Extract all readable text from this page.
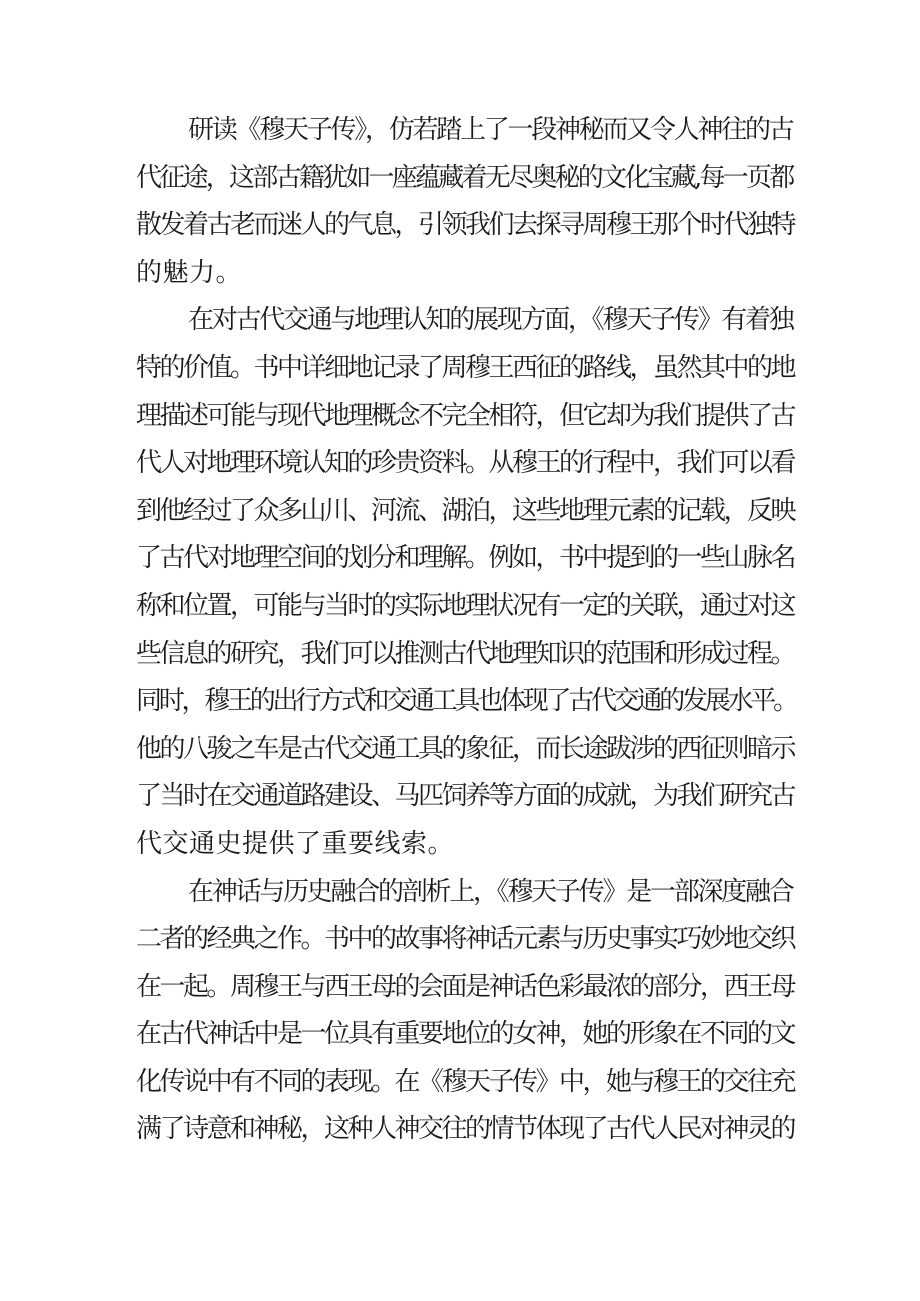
研读《穆天子传》，仿若踏上了一段神秘而又令人神往的古
代征途，这部古籍犹如一座蕴藏着无尽奥秘的文化宝藏,每一页都
散发着古老而迷人的气息，引领我们去探寻周穆王那个时代独特
的魅力。
在对古代交通与地理认知的展现方面，《穆天子传》有着独
特的价值。书中详细地记录了周穆王西征的路线，虽然其中的地
理描述可能与现代地理概念不完全相符，但它却为我们提供了古
代人对地理环境认知的珍贵资料。从穆王的行程中，我们可以看
到他经过了众多山川、河流、湖泊，这些地理元素的记载，反映
了古代对地理空间的划分和理解。例如，书中提到的一些山脉名
称和位置，可能与当时的实际地理状况有一定的关联，通过对这
些信息的研究，我们可以推测古代地理知识的范围和形成过程。
同时，穆王的出行方式和交通工具也体现了古代交通的发展水平。
他的八骏之车是古代交通工具的象征，而长途跋涉的西征则暗示
了当时在交通道路建设、马匹饲养等方面的成就，为我们研究古
代交通史提供了重要线索。
在神话与历史融合的剖析上，《穆天子传》是一部深度融合
二者的经典之作。书中的故事将神话元素与历史事实巧妙地交织
在一起。周穆王与西王母的会面是神话色彩最浓的部分，西王母
在古代神话中是一位具有重要地位的女神，她的形象在不同的文
化传说中有不同的表现。在《穆天子传》中，她与穆王的交往充
满了诗意和神秘，这种人神交往的情节体现了古代人民对神灵的
